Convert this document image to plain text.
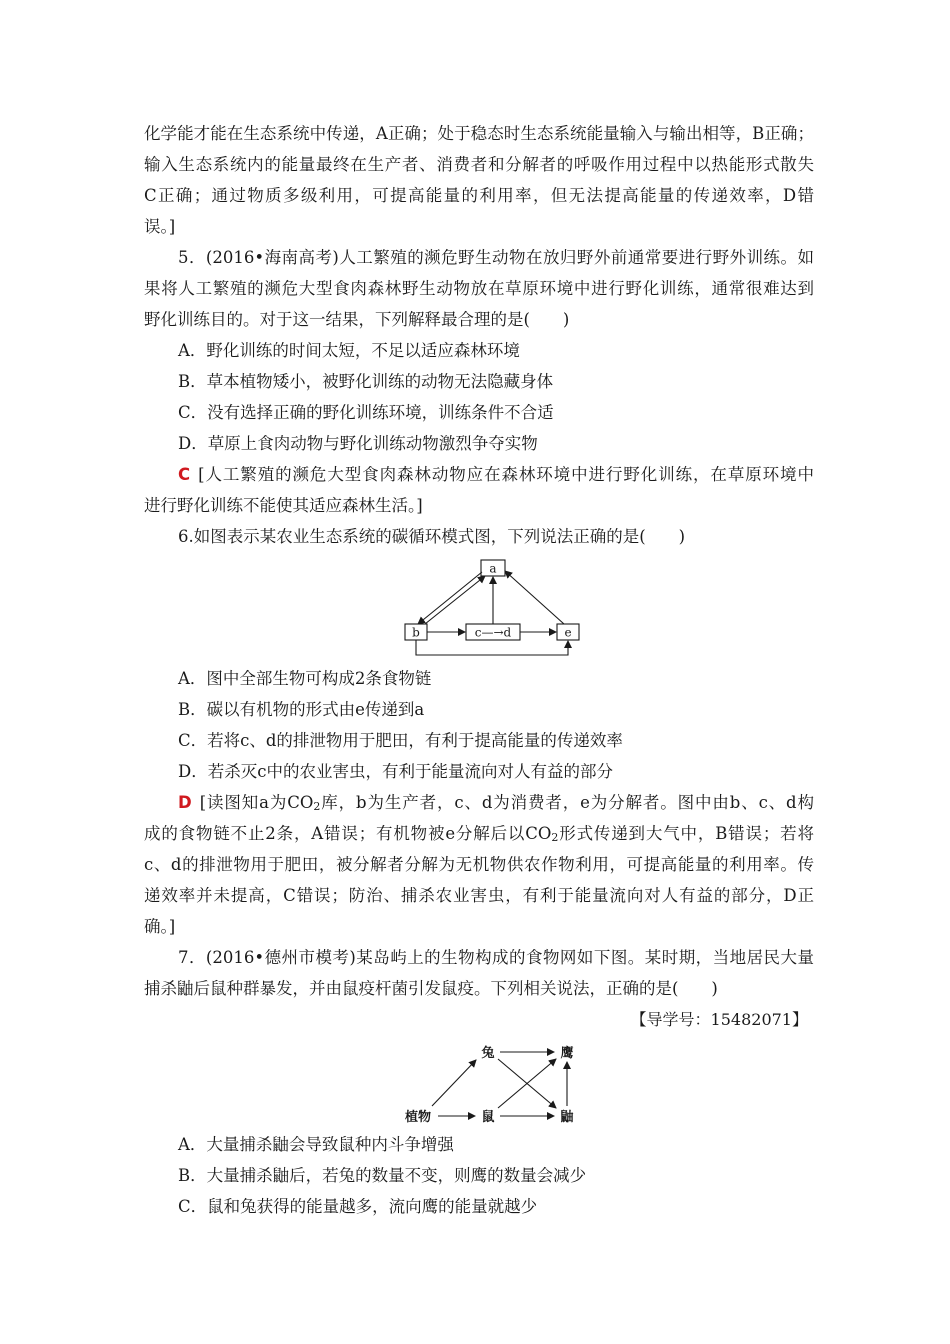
化学能才能在生态系统中传递，A正确；处于稳态时生态系统能量输入与输出相等，B正确；
输入生态系统内的能量最终在生产者、消费者和分解者的呼吸作用过程中以热能形式散失
C正确；通过物质多级利用，可提高能量的利用率，但无法提高能量的传递效率，D错
误。]
5．(2016•海南高考)人工繁殖的濒危野生动物在放归野外前通常要进行野外训练。如
果将人工繁殖的濒危大型食肉森林野生动物放在草原环境中进行野化训练，通常很难达到
野化训练目的。对于这一结果，下列解释最合理的是(　　)
A．野化训练的时间太短，不足以适应森林环境
B．草本植物矮小，被野化训练的动物无法隐藏身体
C．没有选择正确的野化训练环境，训练条件不合适
D．草原上食肉动物与野化训练动物激烈争夺实物
C [人工繁殖的濒危大型食肉森林动物应在森林环境中进行野化训练，在草原环境中
进行野化训练不能使其适应森林生活。]
6.如图表示某农业生态系统的碳循环模式图，下列说法正确的是(　　)
a
b	c—→d	e
A．图中全部生物可构成2条食物链
B．碳以有机物的形式由e传递到a
C．若将c、d的排泄物用于肥田，有利于提高能量的传递效率
D．若杀灭c中的农业害虫，有利于能量流向对人有益的部分
D [读图知a为CO2库，b为生产者，c、d为消费者，e为分解者。图中由b、c、d构
成的食物链不止2条，A错误；有机物被e分解后以CO2形式传递到大气中，B错误；若将
c、d的排泄物用于肥田，被分解者分解为无机物供农作物利用，可提高能量的利用率。传
递效率并未提高，C错误；防治、捕杀农业害虫，有利于能量流向对人有益的部分，D正
确。]
7．(2016•德州市模考)某岛屿上的生物构成的食物网如下图。某时期，当地居民大量
捕杀鼬后鼠种群暴发，并由鼠疫杆菌引发鼠疫。下列相关说法，正确的是(　　)
【导学号：15482071】
植物
兔
鼠
鹰
鼬
A．大量捕杀鼬会导致鼠种内斗争增强
B．大量捕杀鼬后，若兔的数量不变，则鹰的数量会减少
C．鼠和兔获得的能量越多，流向鹰的能量就越少
